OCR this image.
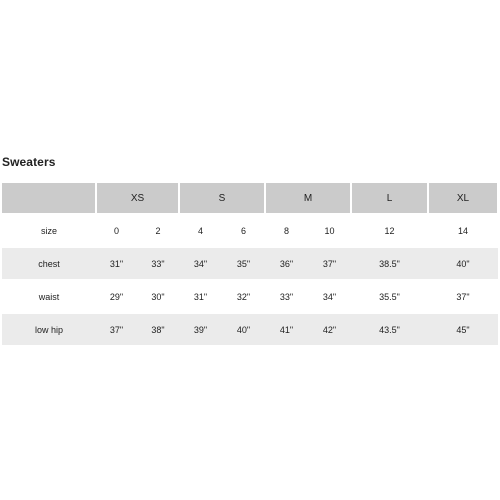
Sweaters
	XS		S		M		L	XL
size	0	2	4	6	8	10	12	14
chest	31"	33"	34"	35"	36"	37"	38.5"	40"
waist	29"	30"	31"	32"	33"	34"	35.5"	37"
low hip	37"	38"	39"	40"	41"	42"	43.5"	45"
